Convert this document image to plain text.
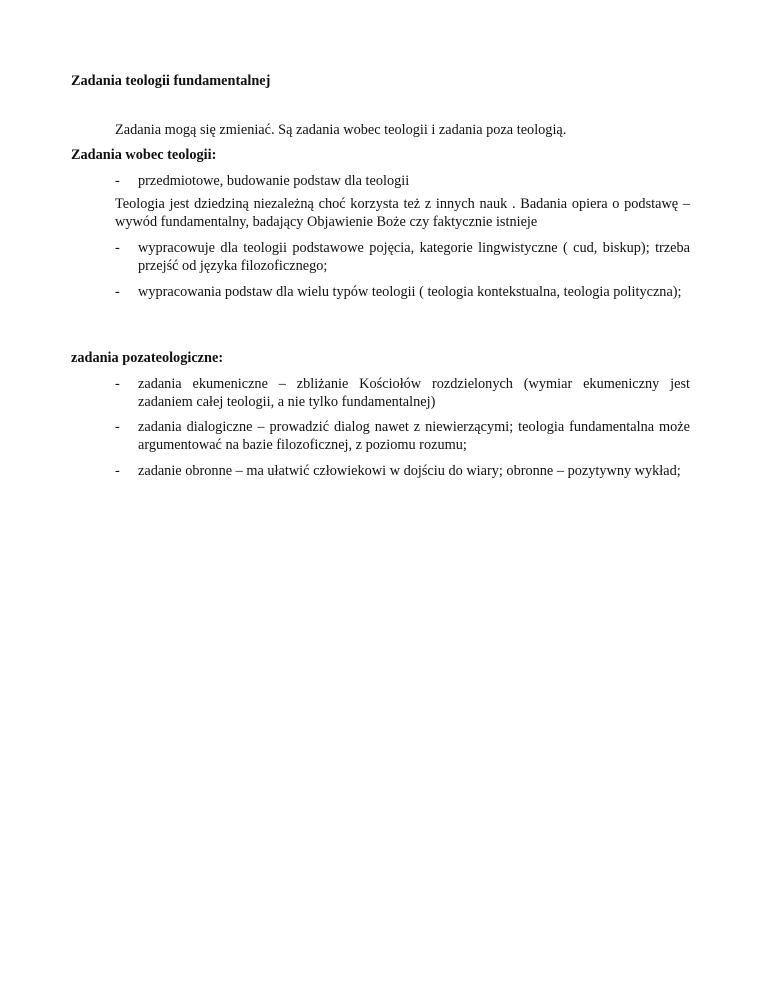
Zadania teologii fundamentalnej
Zadania mogą się zmieniać. Są zadania wobec teologii i zadania poza teologią.
Zadania wobec teologii:
-	przedmiotowe, budowanie podstaw dla teologii
Teologia jest dziedziną niezależną choć korzysta też z innych nauk . Badania opiera o podstawę – wywód fundamentalny, badający Objawienie Boże czy faktycznie istnieje
-	wypracowuje dla teologii podstawowe pojęcia, kategorie lingwistyczne ( cud, biskup); trzeba przejść od języka filozoficznego;
-	wypracowania podstaw dla wielu typów teologii ( teologia kontekstualna, teologia polityczna);
zadania pozateologiczne:
-	zadania ekumeniczne – zbliżanie Kościołów rozdzielonych (wymiar ekumeniczny jest zadaniem całej teologii, a nie tylko fundamentalnej)
-	zadania dialogiczne – prowadzić dialog nawet z niewierzącymi; teologia fundamentalna może argumentować na bazie filozoficznej, z poziomu rozumu;
-	zadanie obronne – ma ułatwić człowiekowi w dojściu do wiary; obronne – pozytywny wykład;
